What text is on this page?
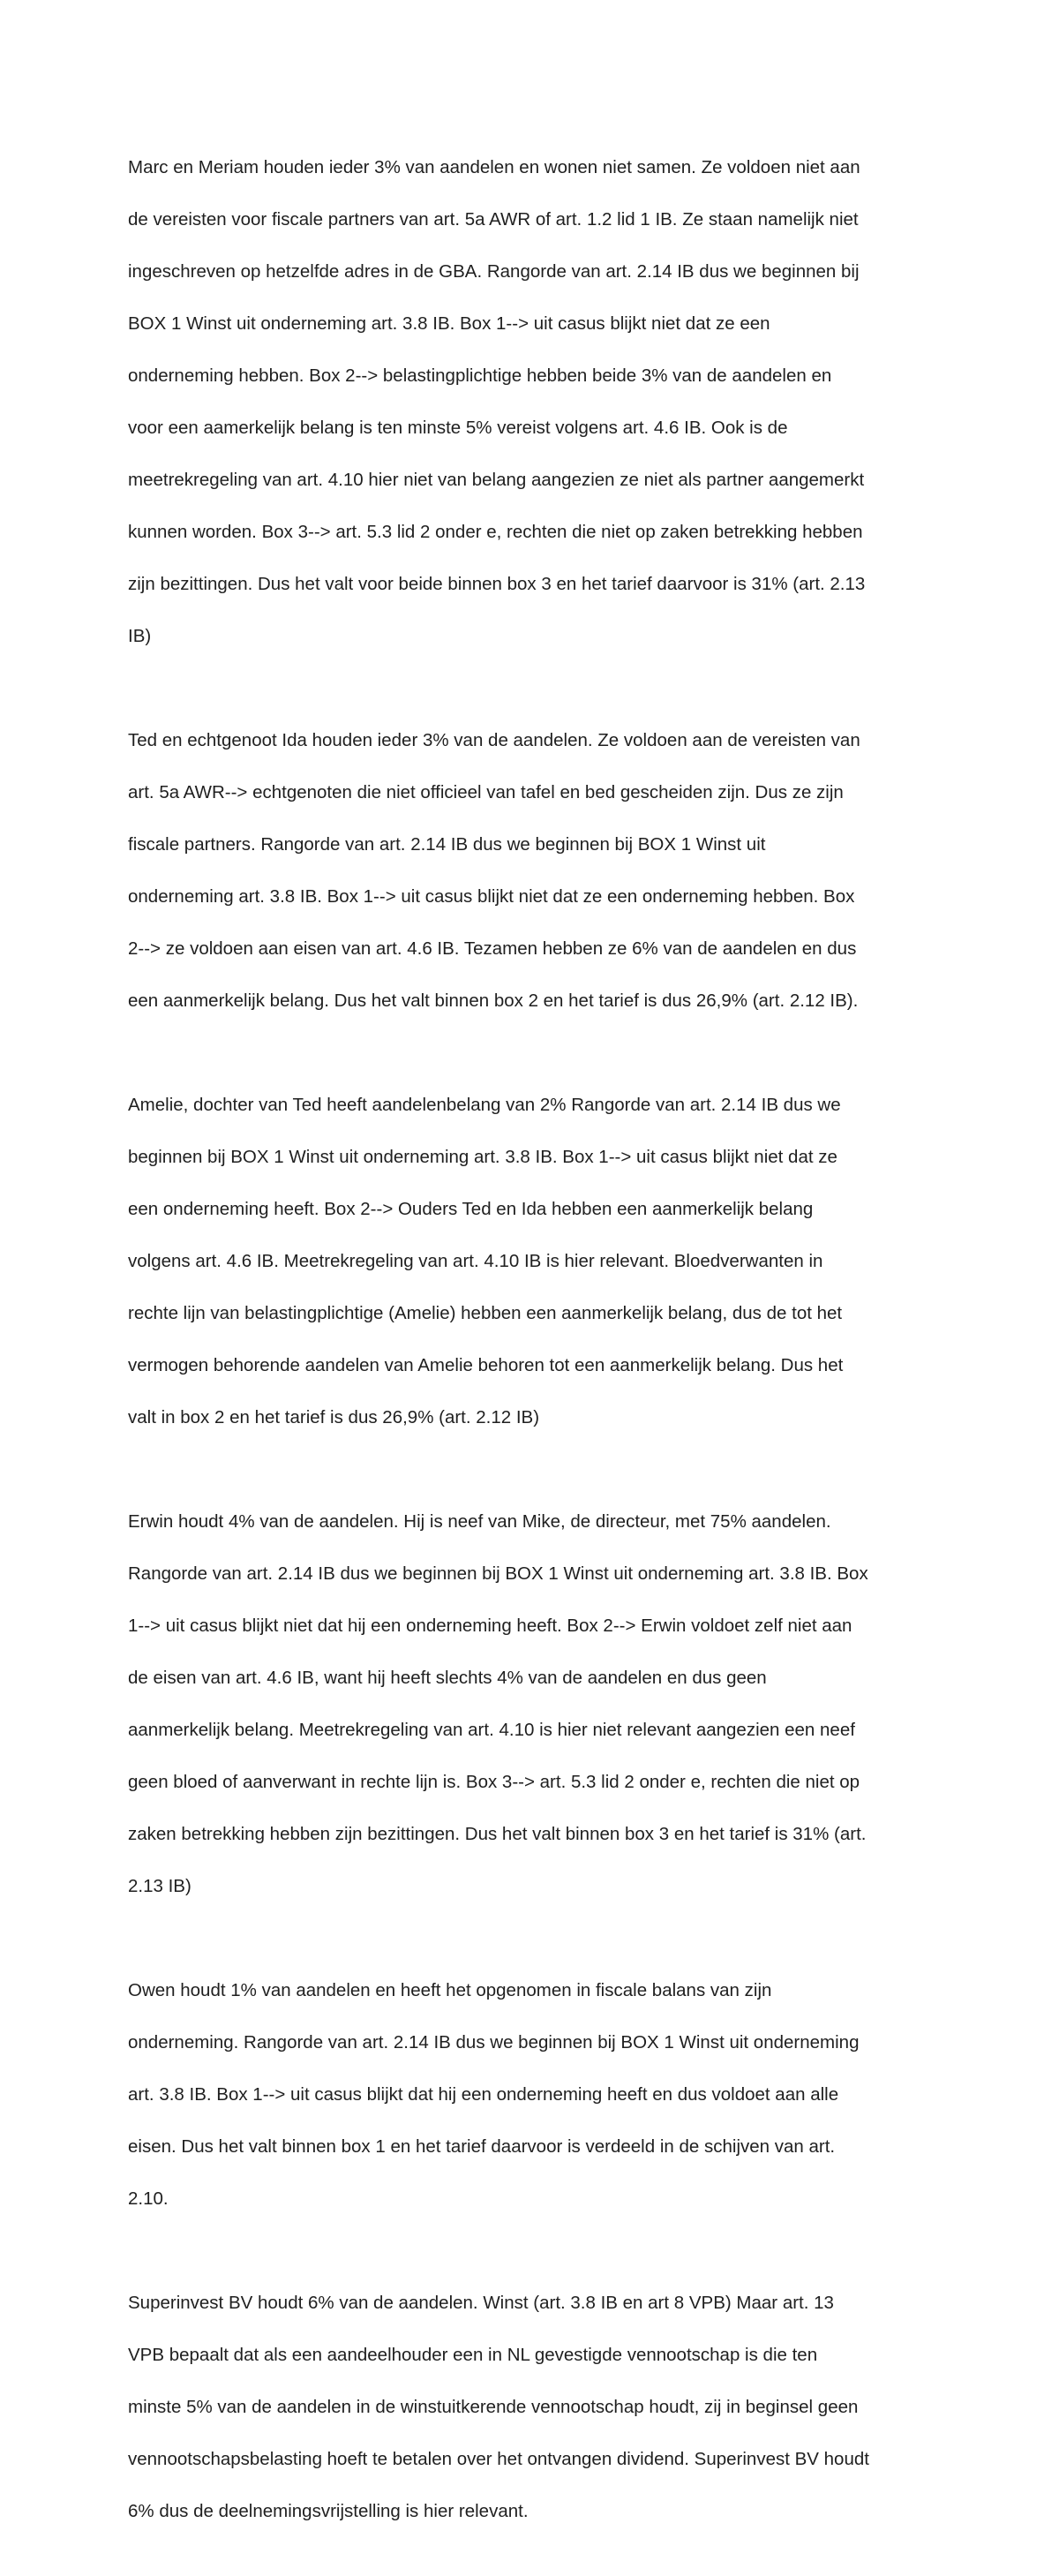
Marc en Meriam houden ieder 3% van aandelen en wonen niet samen. Ze voldoen niet aan

de vereisten voor fiscale partners van art. 5a AWR of art. 1.2 lid 1 IB. Ze staan namelijk niet

ingeschreven op hetzelfde adres in de GBA. Rangorde van art. 2.14 IB dus we beginnen bij

BOX 1 Winst uit onderneming art. 3.8 IB. Box 1--> uit casus blijkt niet dat ze een

onderneming hebben. Box 2--> belastingplichtige hebben beide 3% van de aandelen en

voor een aamerkelijk belang is ten minste 5% vereist volgens art. 4.6 IB. Ook is de

meetrekregeling van art. 4.10 hier niet van belang aangezien ze niet als partner aangemerkt

kunnen worden. Box 3--> art. 5.3 lid 2 onder e, rechten die niet op zaken betrekking hebben

zijn bezittingen. Dus het valt voor beide binnen box 3 en het tarief daarvoor is 31% (art. 2.13

IB)

Ted en echtgenoot Ida houden ieder 3% van de aandelen. Ze voldoen aan de vereisten van

art. 5a AWR--> echtgenoten die niet officieel van tafel en bed gescheiden zijn. Dus ze zijn

fiscale partners. Rangorde van art. 2.14 IB dus we beginnen bij BOX 1 Winst uit

onderneming art. 3.8 IB. Box 1--> uit casus blijkt niet dat ze een onderneming hebben. Box

2--> ze voldoen aan eisen van art. 4.6 IB. Tezamen hebben ze 6% van de aandelen en dus

een aanmerkelijk belang. Dus het valt binnen box 2 en het tarief is dus 26,9% (art. 2.12 IB).

Amelie, dochter van Ted heeft aandelenbelang van 2% Rangorde van art. 2.14 IB dus we

beginnen bij BOX 1 Winst uit onderneming art. 3.8 IB. Box 1--> uit casus blijkt niet dat ze

een onderneming heeft. Box 2--> Ouders Ted en Ida hebben een aanmerkelijk belang

volgens art. 4.6 IB. Meetrekregeling van art. 4.10 IB is hier relevant. Bloedverwanten in

rechte lijn van belastingplichtige (Amelie) hebben een aanmerkelijk belang, dus de tot het

vermogen behorende aandelen van Amelie behoren tot een aanmerkelijk belang. Dus het

valt in box 2 en het tarief is dus 26,9% (art. 2.12 IB)

Erwin houdt 4% van de aandelen. Hij is neef van Mike, de directeur, met 75% aandelen.

Rangorde van art. 2.14 IB dus we beginnen bij BOX 1 Winst uit onderneming art. 3.8 IB. Box

1--> uit casus blijkt niet dat hij een onderneming heeft. Box 2--> Erwin voldoet zelf niet aan

de eisen van art. 4.6 IB, want hij heeft slechts 4% van de aandelen en dus geen

aanmerkelijk belang. Meetrekregeling van art. 4.10 is hier niet relevant aangezien een neef

geen bloed of aanverwant in rechte lijn is. Box 3--> art. 5.3 lid 2 onder e, rechten die niet op

zaken betrekking hebben zijn bezittingen. Dus het valt binnen box 3 en het tarief is 31% (art.

2.13 IB)

Owen houdt 1% van aandelen en heeft het opgenomen in fiscale balans van zijn

onderneming. Rangorde van art. 2.14 IB dus we beginnen bij BOX 1 Winst uit onderneming

art. 3.8 IB. Box 1--> uit casus blijkt dat hij een onderneming heeft en dus voldoet aan alle

eisen. Dus het valt binnen box 1 en het tarief daarvoor is verdeeld in de schijven van art.

2.10.

Superinvest BV houdt 6% van de aandelen. Winst (art. 3.8 IB en art 8 VPB) Maar art. 13

VPB bepaalt dat als een aandeelhouder een in NL gevestigde vennootschap is die ten

minste 5% van de aandelen in de winstuitkerende vennootschap houdt, zij in beginsel geen

vennootschapsbelasting hoeft te betalen over het ontvangen dividend. Superinvest BV houdt

6% dus de deelnemingsvrijstelling is hier relevant.
